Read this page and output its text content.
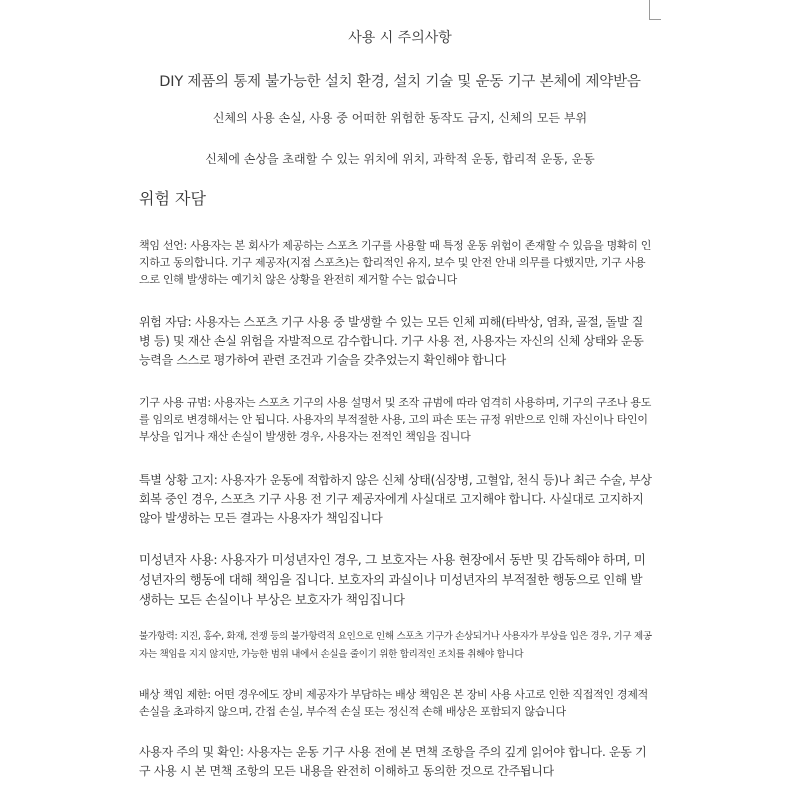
사용 시 주의사항
DIY 제품의 통제 불가능한 설치 환경, 설치 기술 및 운동 기구 본체에 제약받음
신체의 사용 손실, 사용 중 어떠한 위험한 동작도 금지, 신체의 모든 부위
신체에 손상을 초래할 수 있는 위치에 위치, 과학적 운동, 합리적 운동, 운동
위험 자담
책임 선언: 사용자는 본 회사가 제공하는 스포츠 기구를 사용할 때 특정 운동 위험이 존재할 수 있음을 명확히 인지하고 동의합니다. 기구 제공자(지점 스포츠)는 합리적인 유지, 보수 및 안전 안내 의무를 다했지만, 기구 사용으로 인해 발생하는 예기치 않은 상황을 완전히 제거할 수는 없습니다
위험 자담: 사용자는 스포츠 기구 사용 중 발생할 수 있는 모든 인체 피해(타박상, 염좌, 골절, 돌발 질병 등) 및 재산 손실 위험을 자발적으로 감수합니다. 기구 사용 전, 사용자는 자신의 신체 상태와 운동 능력을 스스로 평가하여 관련 조건과 기술을 갖추었는지 확인해야 합니다
기구 사용 규범: 사용자는 스포츠 기구의 사용 설명서 및 조작 규범에 따라 엄격히 사용하며, 기구의 구조나 용도를 임의로 변경해서는 안 됩니다. 사용자의 부적절한 사용, 고의 파손 또는 규정 위반으로 인해 자신이나 타인이 부상을 입거나 재산 손실이 발생한 경우, 사용자는 전적인 책임을 집니다
특별 상황 고지: 사용자가 운동에 적합하지 않은 신체 상태(심장병, 고혈압, 천식 등)나 최근 수술, 부상 회복 중인 경우, 스포츠 기구 사용 전 기구 제공자에게 사실대로 고지해야 합니다. 사실대로 고지하지 않아 발생하는 모든 결과는 사용자가 책임집니다
미성년자 사용: 사용자가 미성년자인 경우, 그 보호자는 사용 현장에서 동반 및 감독해야 하며, 미성년자의 행동에 대해 책임을 집니다. 보호자의 과실이나 미성년자의 부적절한 행동으로 인해 발생하는 모든 손실이나 부상은 보호자가 책임집니다
불가항력: 지진, 홍수, 화재, 전쟁 등의 불가항력적 요인으로 인해 스포츠 기구가 손상되거나 사용자가 부상을 입은 경우, 기구 제공자는 책임을 지지 않지만, 가능한 범위 내에서 손실을 줄이기 위한 합리적인 조치를 취해야 합니다
배상 책임 제한: 어떤 경우에도 장비 제공자가 부담하는 배상 책임은 본 장비 사용 사고로 인한 직접적인 경제적 손실을 초과하지 않으며, 간접 손실, 부수적 손실 또는 정신적 손해 배상은 포함되지 않습니다
사용자 주의 및 확인: 사용자는 운동 기구 사용 전에 본 면책 조항을 주의 깊게 읽어야 합니다. 운동 기구 사용 시 본 면책 조항의 모든 내용을 완전히 이해하고 동의한 것으로 간주됩니다
